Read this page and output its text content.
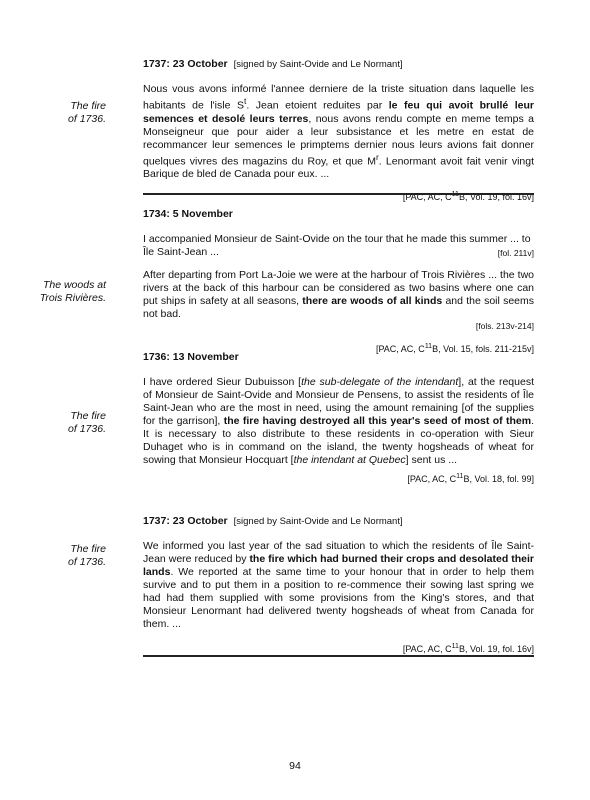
1737: 23 October [signed by Saint-Ovide and Le Normant]

Nous vous avons informé l'annee derniere de la triste situation dans laquelle les habitants de l'isle $S^t$. Jean etoient reduites par le feu qui avoit brullé leur semences et desolé leurs terres, nous avons rendu compte en meme temps a Monseigneur que pour aider a leur subsistance et les metre en estat de recommancer leur semences le primptems dernier nous leurs avions fait donner quelques vivres des magazins du Roy, et que $M^r$. Lenormant avoit fait venir vingt Barique de bled de Canada pour eux. ...

[PAC, AC, $C^{11}B$, Vol. 19, fol. 16v]
The fire
of 1736.
1734: 5 November
I accompanied Monsieur de Saint-Ovide on the tour that he made this summer ... to
Île Saint-Jean ...	[fol. 211v]

After departing from Port La-Joie we were at the harbour of Trois Rivières ... the two rivers at the back of this harbour can be considered as two basins where one can put ships in safety at all seasons, there are woods of all kinds and the soil seems not bad.

[fols. 213v-214]
[PAC, AC, $C^{11}B$, Vol. 15, fols. 211-215v]
The woods at
Trois Rivières.
1736: 13 November

I have ordered Sieur Dubuisson [the sub-delegate of the intendant], at the request of Monsieur de Saint-Ovide and Monsieur de Pensens, to assist the residents of Île Saint-Jean who are the most in need, using the amount remaining [of the supplies for the garrison], the fire having destroyed all this year's seed of most of them. It is necessary to also distribute to these residents in co-operation with Sieur Duhaget who is in command on the island, the twenty hogsheads of wheat for sowing that Monsieur Hocquart [the intendant at Quebec] sent us ...

[PAC, AC, $C^{11}B$, Vol. 18, fol. 99]
The fire
of 1736.
1737: 23 October [signed by Saint-Ovide and Le Normant]

We informed you last year of the sad situation to which the residents of Île Saint-Jean were reduced by the fire which had burned their crops and desolated their lands. We reported at the same time to your honour that in order to help them survive and to put them in a position to re-commence their sowing last spring we had had them supplied with some provisions from the King's stores, and that Monsieur Lenormant had delivered twenty hogsheads of wheat from Canada for them. ...

[PAC, AC, $C^{11}B$, Vol. 19, fol. 16v]
The fire
of 1736.
94
